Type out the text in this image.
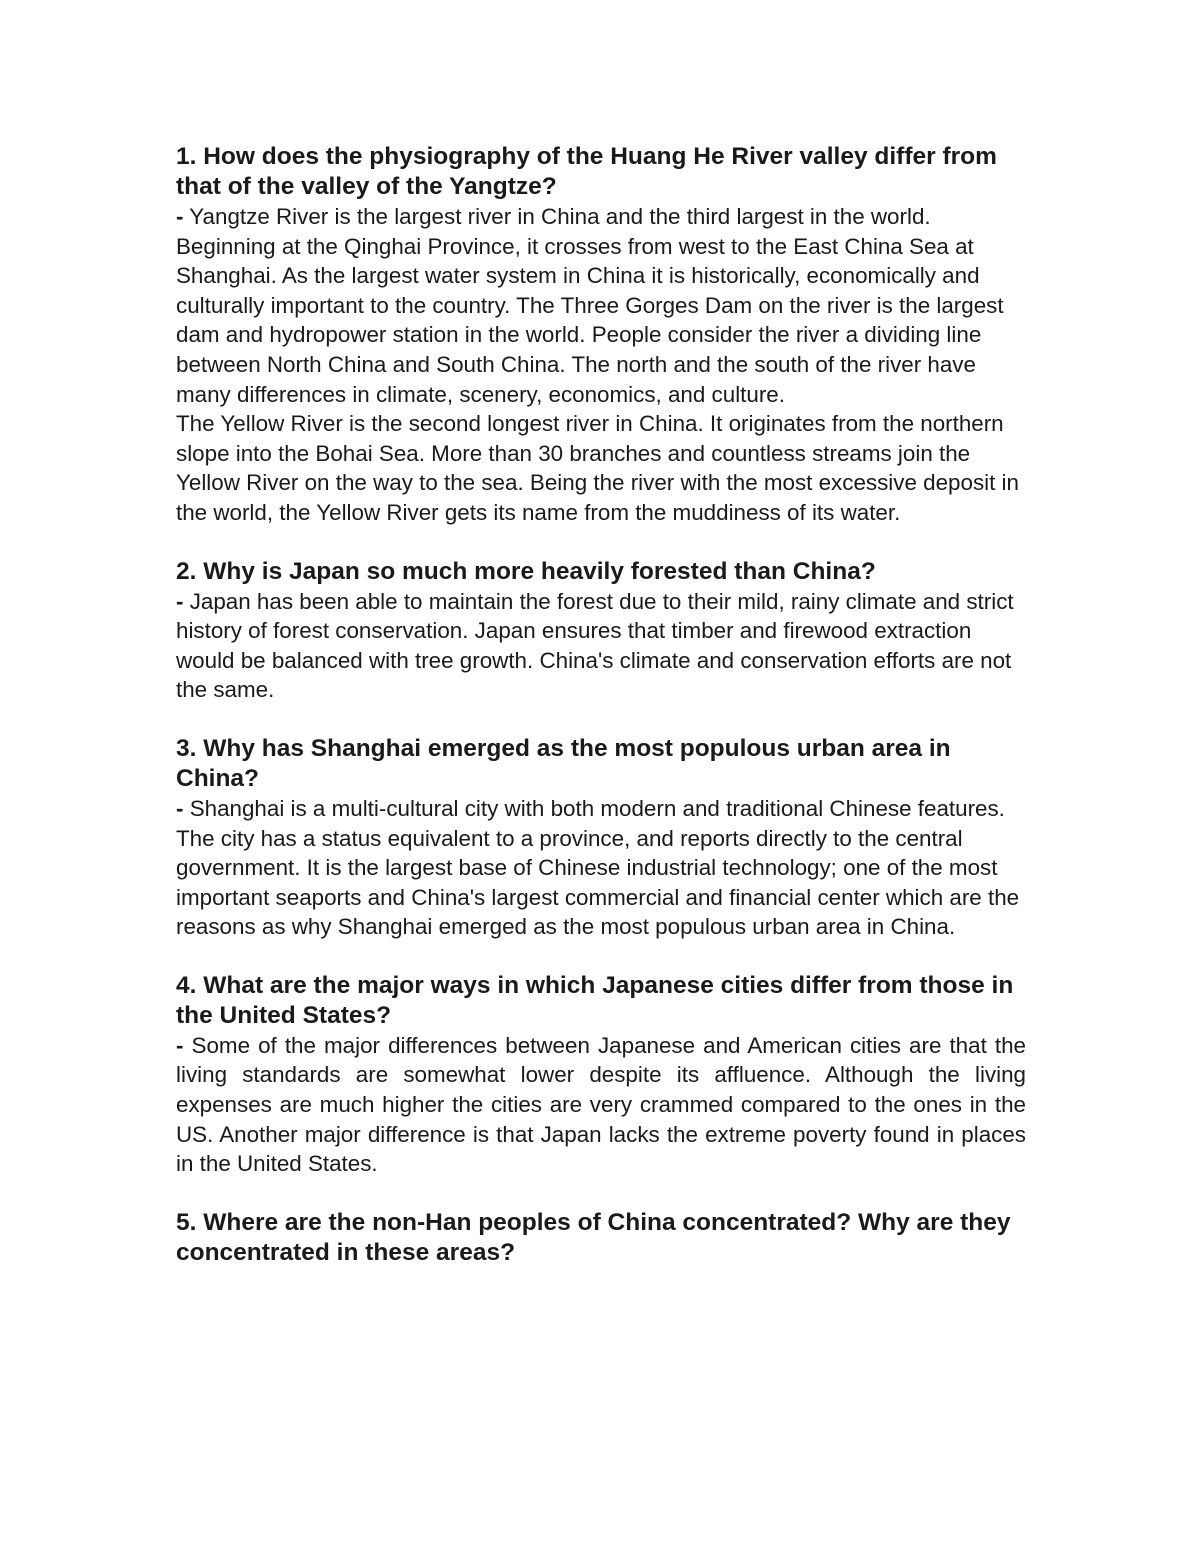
1. How does the physiography of the Huang He River valley differ from that of the valley of the Yangtze?

- Yangtze River is the largest river in China and the third largest in the world. Beginning at the Qinghai Province, it crosses from west to the East China Sea at Shanghai. As the largest water system in China it is historically, economically and culturally important to the country. The Three Gorges Dam on the river is the largest dam and hydropower station in the world. People consider the river a dividing line between North China and South China. The north and the south of the river have many differences in climate, scenery, economics, and culture.

The Yellow River is the second longest river in China. It originates from the northern slope into the Bohai Sea. More than 30 branches and countless streams join the Yellow River on the way to the sea. Being the river with the most excessive deposit in the world, the Yellow River gets its name from the muddiness of its water.

2. Why is Japan so much more heavily forested than China?

- Japan has been able to maintain the forest due to their mild, rainy climate and strict history of forest conservation. Japan ensures that timber and firewood extraction would be balanced with tree growth. China's climate and conservation efforts are not the same.

3. Why has Shanghai emerged as the most populous urban area in China?

- Shanghai is a multi-cultural city with both modern and traditional Chinese features. The city has a status equivalent to a province, and reports directly to the central government. It is the largest base of Chinese industrial technology; one of the most important seaports and China's largest commercial and financial center which are the reasons as why Shanghai emerged as the most populous urban area in China.

4. What are the major ways in which Japanese cities differ from those in the United States?

- Some of the major differences between Japanese and American cities are that the living standards are somewhat lower despite its affluence. Although the living expenses are much higher the cities are very crammed compared to the ones in the US. Another major difference is that Japan lacks the extreme poverty found in places in the United States.

5. Where are the non-Han peoples of China concentrated? Why are they concentrated in these areas?
